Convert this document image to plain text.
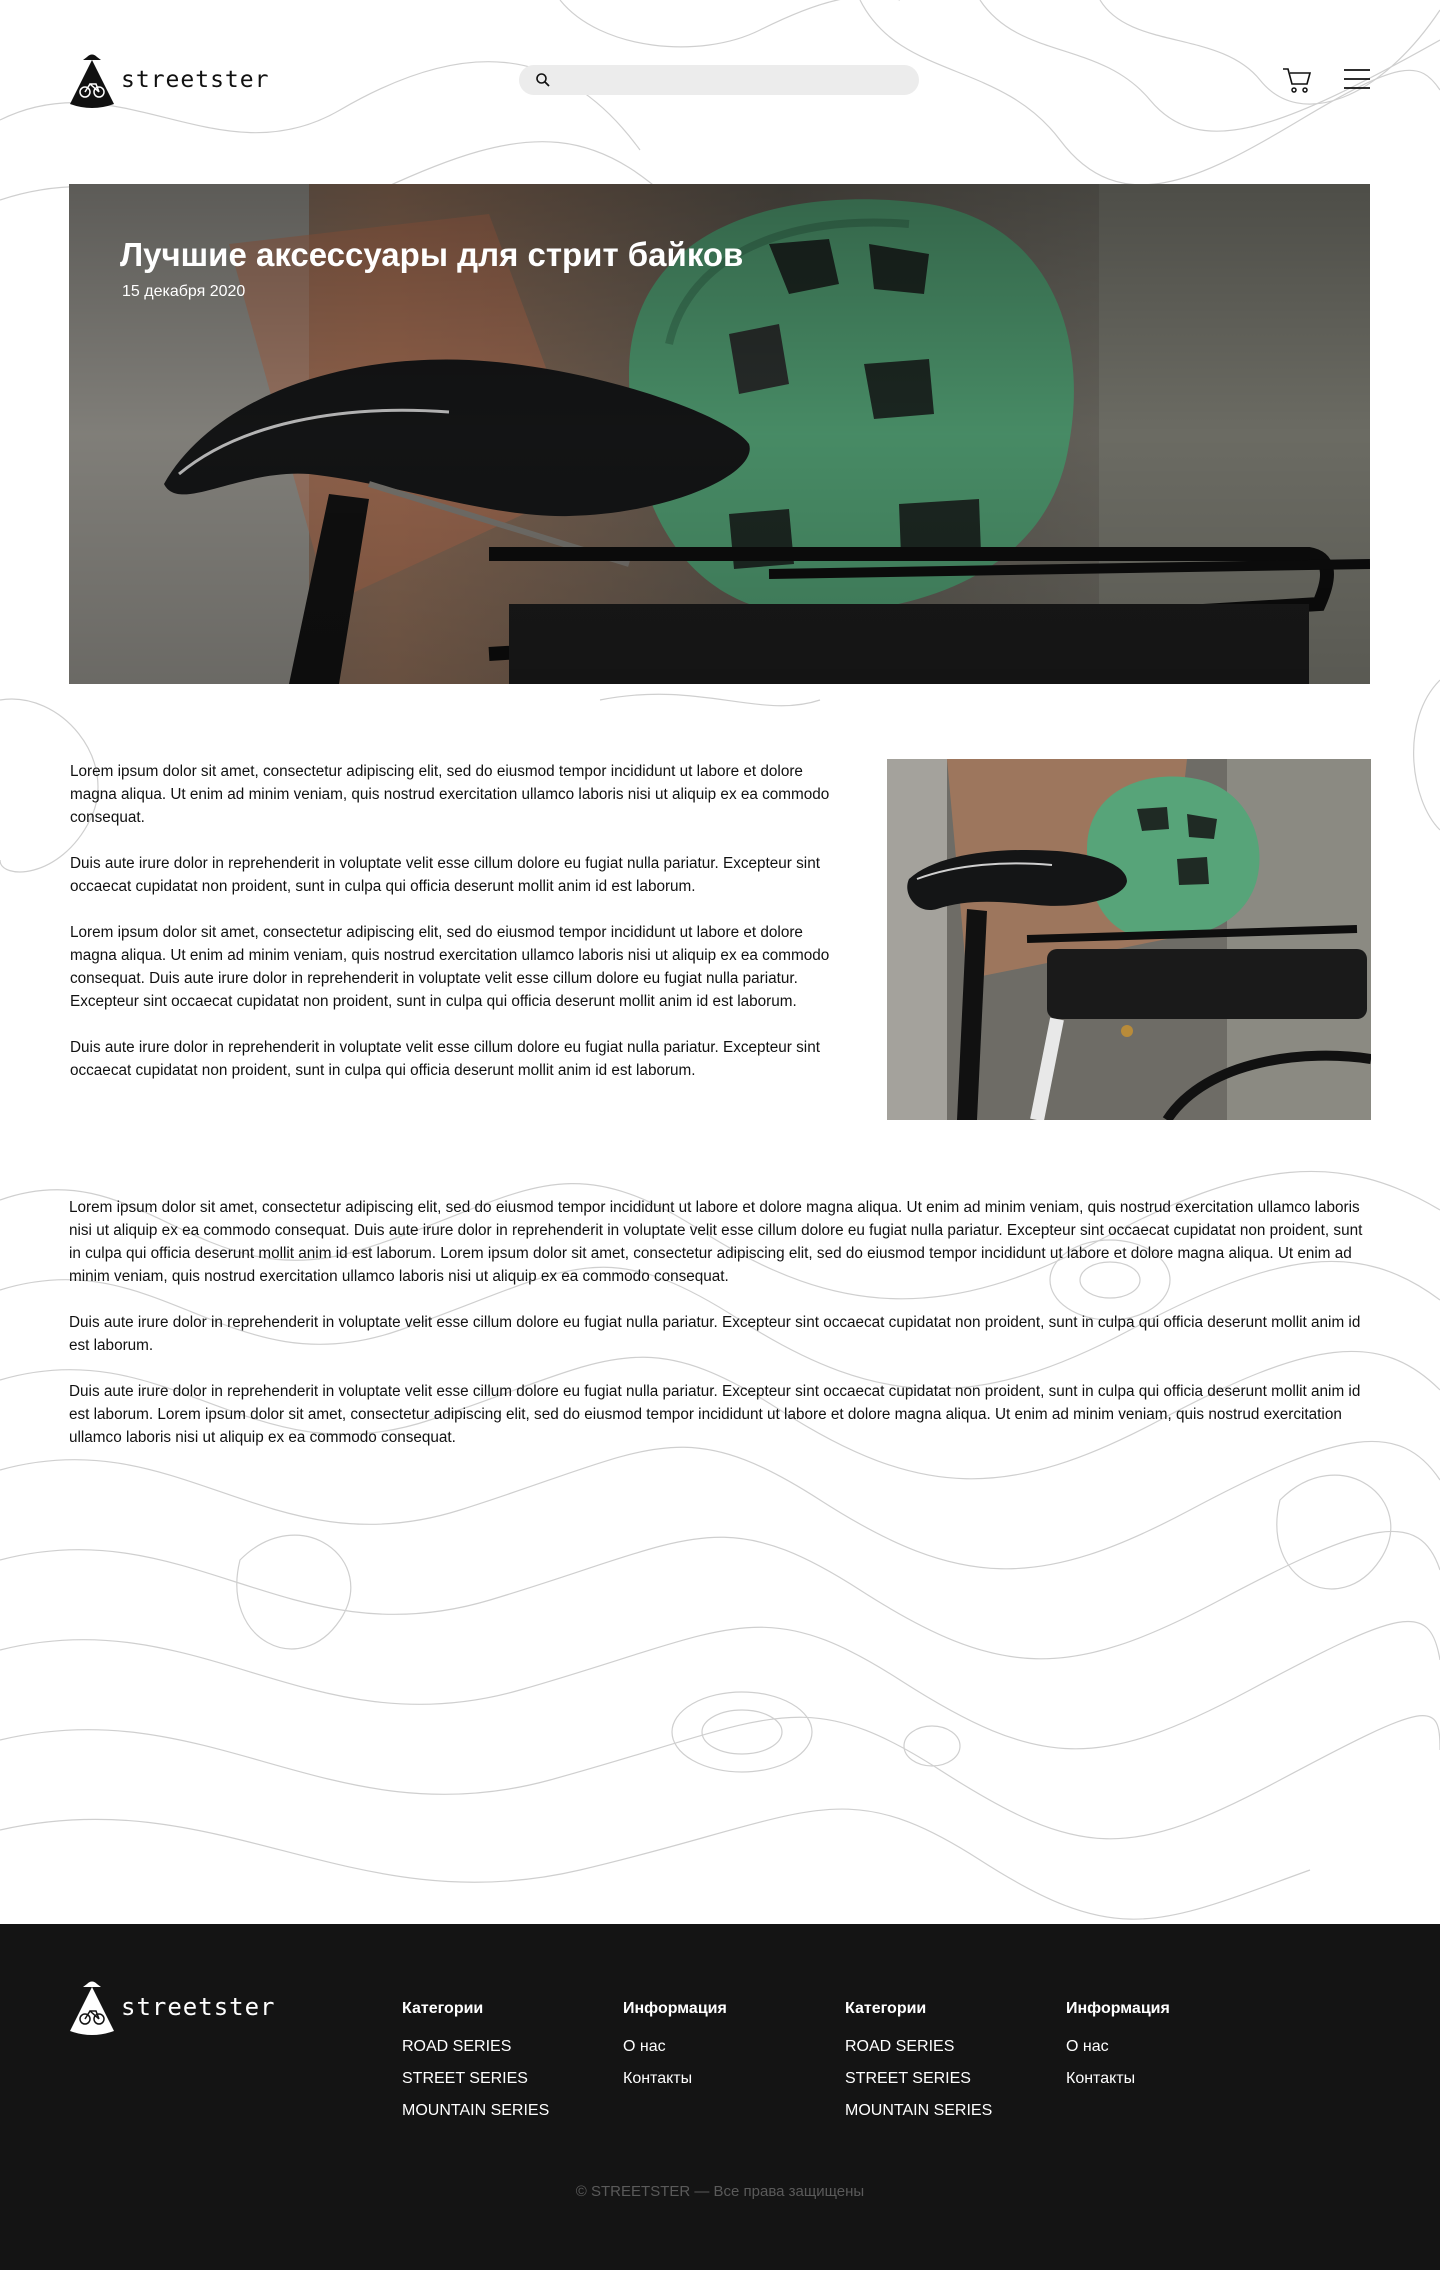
streetster
Лучшие аксессуары для стрит байков
15 декабря 2020

Lorem ipsum dolor sit amet, consectetur adipiscing elit, sed do eiusmod tempor incididunt ut labore et dolore magna aliqua. Ut enim ad minim veniam, quis nostrud exercitation ullamco laboris nisi ut aliquip ex ea commodo consequat.

Duis aute irure dolor in reprehenderit in voluptate velit esse cillum dolore eu fugiat nulla pariatur. Excepteur sint occaecat cupidatat non proident, sunt in culpa qui officia deserunt mollit anim id est laborum.

Lorem ipsum dolor sit amet, consectetur adipiscing elit, sed do eiusmod tempor incididunt ut labore et dolore magna aliqua. Ut enim ad minim veniam, quis nostrud exercitation ullamco laboris nisi ut aliquip ex ea commodo consequat. Duis aute irure dolor in reprehenderit in voluptate velit esse cillum dolore eu fugiat nulla pariatur. Excepteur sint occaecat cupidatat non proident, sunt in culpa qui officia deserunt mollit anim id est laborum.

Duis aute irure dolor in reprehenderit in voluptate velit esse cillum dolore eu fugiat nulla pariatur. Excepteur sint occaecat cupidatat non proident, sunt in culpa qui officia deserunt mollit anim id est laborum.

Lorem ipsum dolor sit amet, consectetur adipiscing elit, sed do eiusmod tempor incididunt ut labore et dolore magna aliqua. Ut enim ad minim veniam, quis nostrud exercitation ullamco laboris nisi ut aliquip ex ea commodo consequat. Duis aute irure dolor in reprehenderit in voluptate velit esse cillum dolore eu fugiat nulla pariatur. Excepteur sint occaecat cupidatat non proident, sunt in culpa qui officia deserunt mollit anim id est laborum. Lorem ipsum dolor sit amet, consectetur adipiscing elit, sed do eiusmod tempor incididunt ut labore et dolore magna aliqua. Ut enim ad minim veniam, quis nostrud exercitation ullamco laboris nisi ut aliquip ex ea commodo consequat.

Duis aute irure dolor in reprehenderit in voluptate velit esse cillum dolore eu fugiat nulla pariatur. Excepteur sint occaecat cupidatat non proident, sunt in culpa qui officia deserunt mollit anim id est laborum.

Duis aute irure dolor in reprehenderit in voluptate velit esse cillum dolore eu fugiat nulla pariatur. Excepteur sint occaecat cupidatat non proident, sunt in culpa qui officia deserunt mollit anim id est laborum. Lorem ipsum dolor sit amet, consectetur adipiscing elit, sed do eiusmod tempor incididunt ut labore et dolore magna aliqua. Ut enim ad minim veniam, quis nostrud exercitation ullamco laboris nisi ut aliquip ex ea commodo consequat.

streetster	Категории
ROAD SERIES
STREET SERIES
MOUNTAIN SERIES
Информация
О нас
Контакты
Категории
ROAD SERIES
STREET SERIES
MOUNTAIN SERIES
Информация
О нас
Контакты
© STREETSTER — Все права защищены
